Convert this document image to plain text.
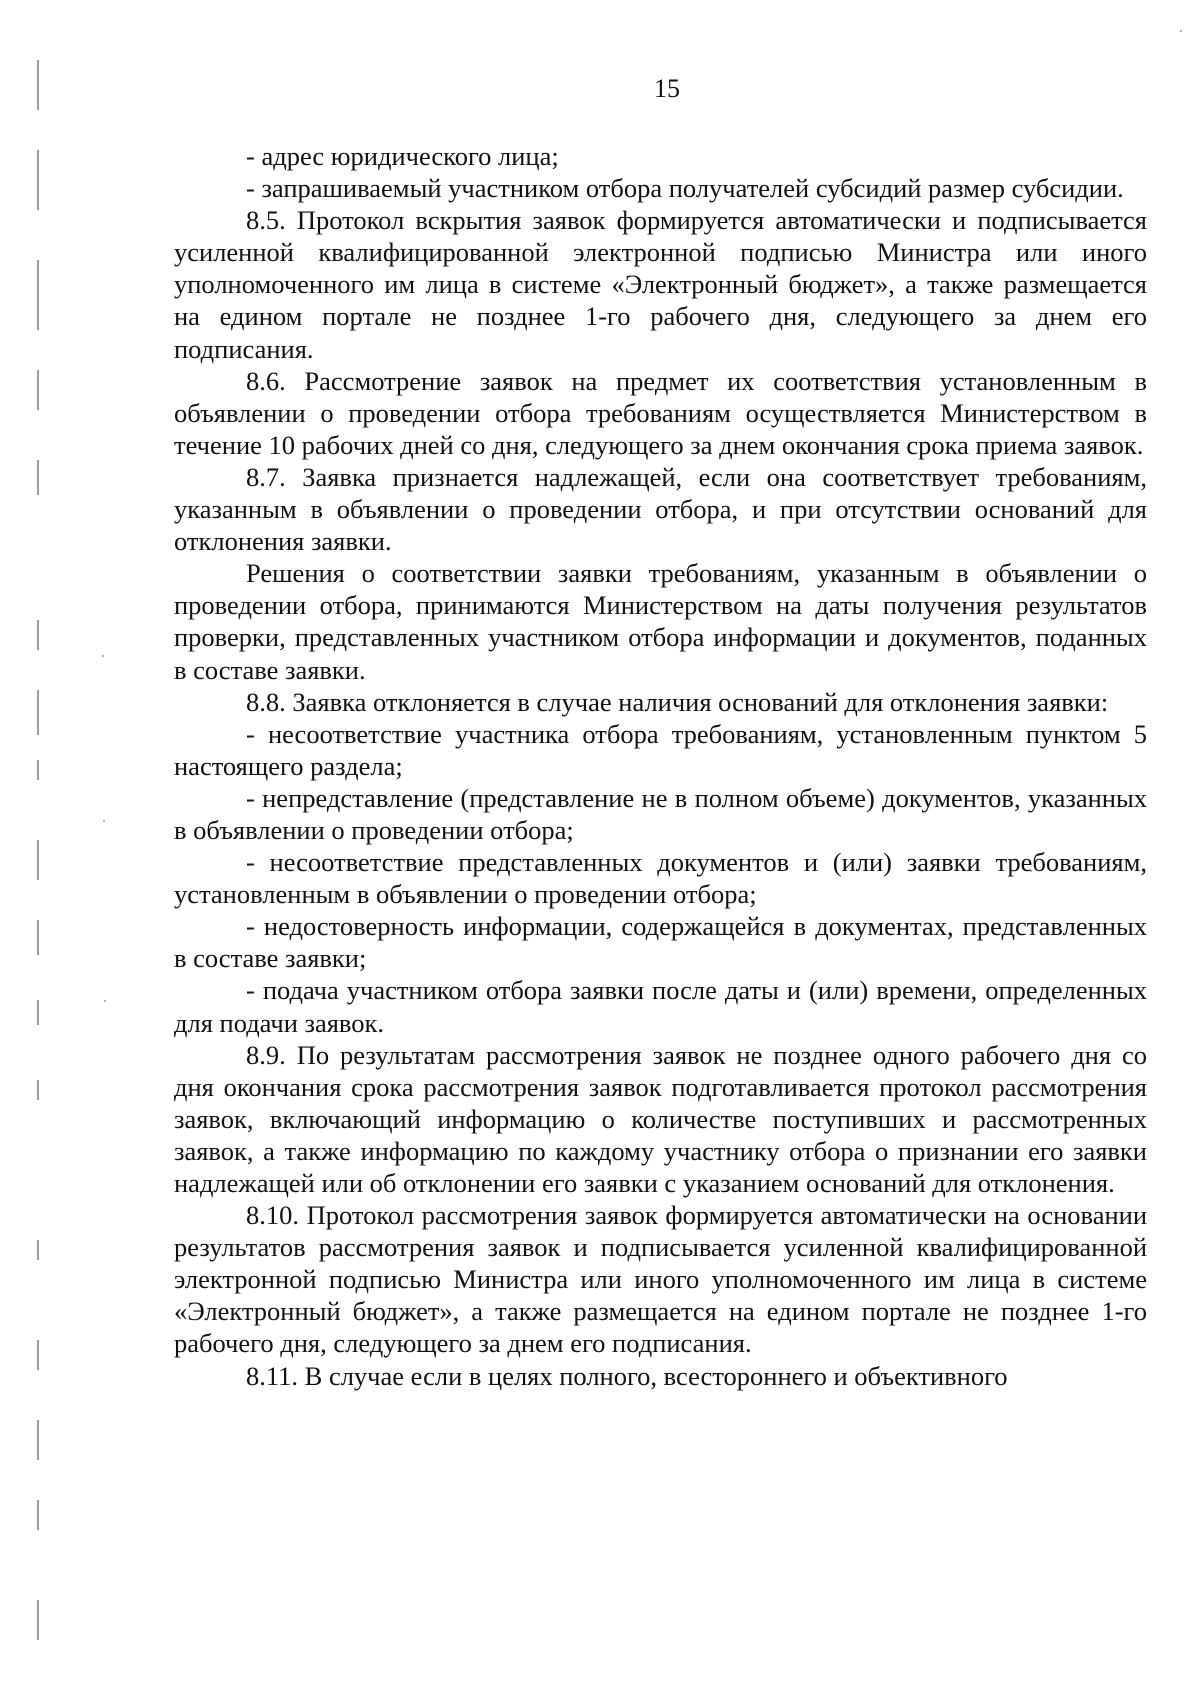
15

- адрес юридического лица;

- запрашиваемый участником отбора получателей субсидий размер субсидии.

8.5. Протокол вскрытия заявок формируется автоматически и подписывается усиленной квалифицированной электронной подписью Министра или иного уполномоченного им лица в системе «Электронный бюджет», а также размещается на едином портале не позднее 1-го рабочего дня, следующего за днем его подписания.

8.6. Рассмотрение заявок на предмет их соответствия установленным в объявлении о проведении отбора требованиям осуществляется Министерством в течение 10 рабочих дней со дня, следующего за днем окончания срока приема заявок.

8.7. Заявка признается надлежащей, если она соответствует требованиям, указанным в объявлении о проведении отбора, и при отсутствии оснований для отклонения заявки.

Решения о соответствии заявки требованиям, указанным в объявлении о проведении отбора, принимаются Министерством на даты получения результатов проверки, представленных участником отбора информации и документов, поданных в составе заявки.

8.8. Заявка отклоняется в случае наличия оснований для отклонения заявки:

- несоответствие участника отбора требованиям, установленным пунктом 5 настоящего раздела;

- непредставление (представление не в полном объеме) документов, указанных в объявлении о проведении отбора;

- несоответствие представленных документов и (или) заявки требованиям, установленным в объявлении о проведении отбора;

- недостоверность информации, содержащейся в документах, представленных в составе заявки;

- подача участником отбора заявки после даты и (или) времени, определенных для подачи заявок.

8.9. По результатам рассмотрения заявок не позднее одного рабочего дня со дня окончания срока рассмотрения заявок подготавливается протокол рассмотрения заявок, включающий информацию о количестве поступивших и рассмотренных заявок, а также информацию по каждому участнику отбора о признании его заявки надлежащей или об отклонении его заявки с указанием оснований для отклонения.

8.10. Протокол рассмотрения заявок формируется автоматически на основании результатов рассмотрения заявок и подписывается усиленной квалифицированной электронной подписью Министра или иного уполномоченного им лица в системе «Электронный бюджет», а также размещается на едином портале не позднее 1-го рабочего дня, следующего за днем его подписания.

8.11. В случае если в целях полного, всестороннего и объективного
